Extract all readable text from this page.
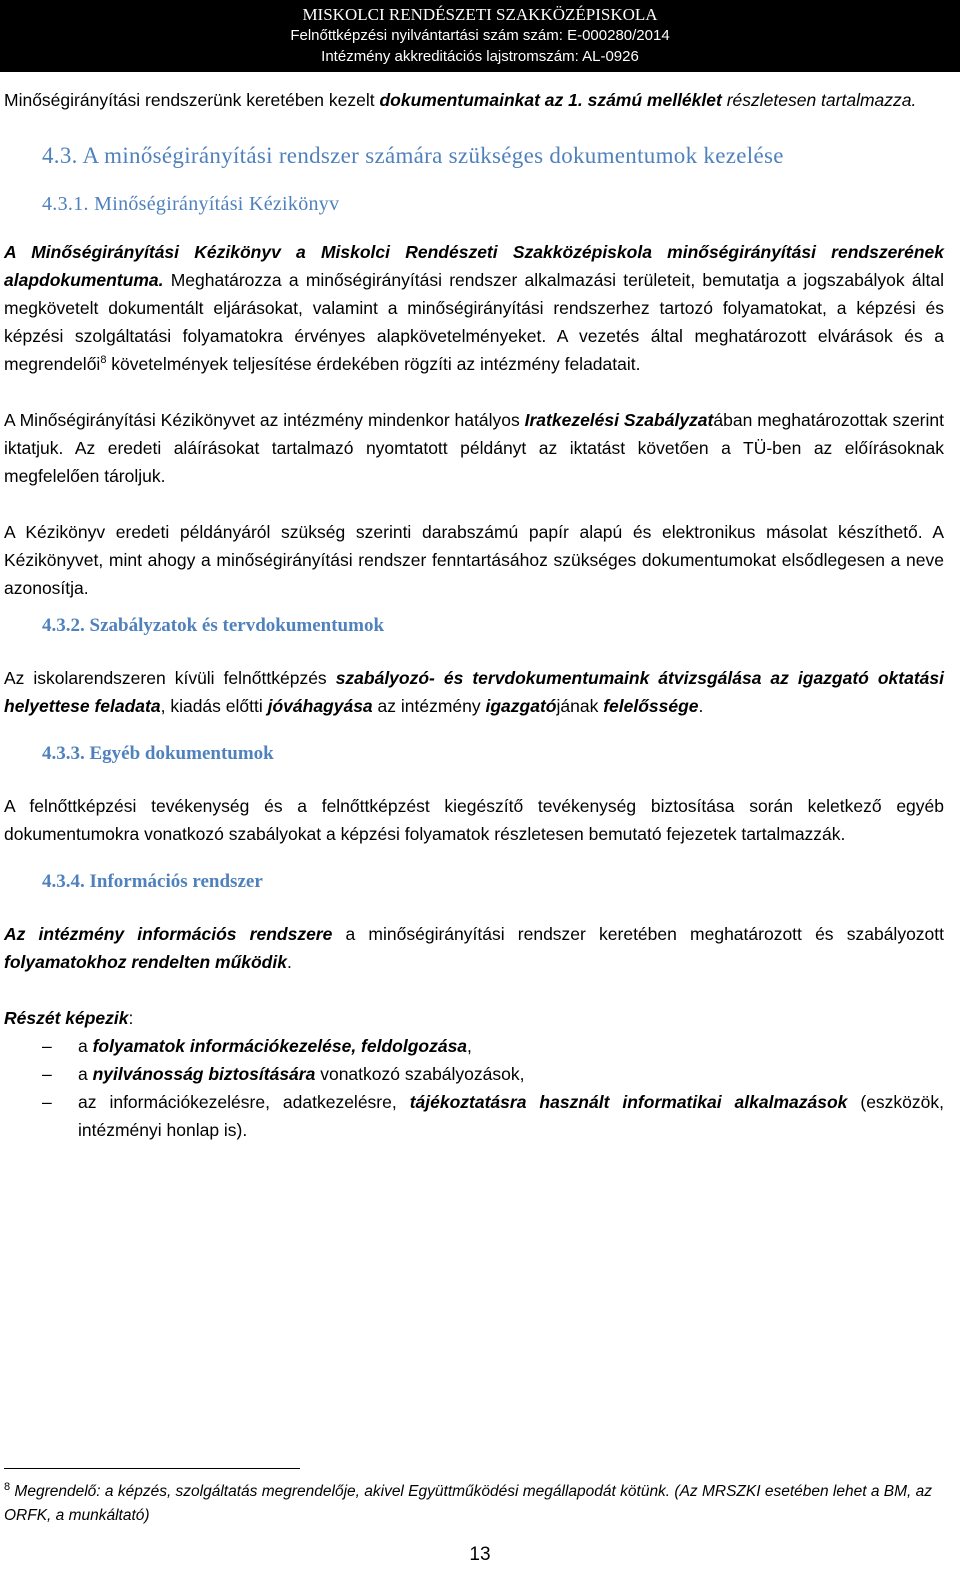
MISKOLCI RENDÉSZETI SZAKKÖZÉPISKOLA
Felnőttképzési nyilvántartási szám szám: E-000280/2014
Intézmény akkreditációs lajstromszám: AL-0926

Minőségirányítási rendszerünk keretében kezelt dokumentumainkat az 1. számú melléklet részletesen tartalmazza.

4.3. A minőségirányítási rendszer számára szükséges dokumentumok kezelése
4.3.1. Minőségirányítási Kézikönyv

A Minőségirányítási Kézikönyv a Miskolci Rendészeti Szakközépiskola minőségirányítási rendszerének alapdokumentuma. Meghatározza a minőségirányítási rendszer alkalmazási területeit, bemutatja a jogszabályok által megkövetelt dokumentált eljárásokat, valamint a minőségirányítási rendszerhez tartozó folyamatokat, a képzési és képzési szolgáltatási folyamatokra érvényes alapkövetelményeket. A vezetés által meghatározott elvárások és a megrendelői$^8$ követelmények teljesítése érdekében rögzíti az intézmény feladatait.

A Minőségirányítási Kézikönyvet az intézmény mindenkor hatályos Iratkezelési Szabályzatában meghatározottak szerint iktatjuk. Az eredeti aláírásokat tartalmazó nyomtatott példányt az iktatást követően a TÜ-ben az előírásoknak megfelelően tároljuk.

A Kézikönyv eredeti példányáról szükség szerinti darabszámú papír alapú és elektronikus másolat készíthető. A Kézikönyvet, mint ahogy a minőségirányítási rendszer fenntartásához szükséges dokumentumokat elsődlegesen a neve azonosítja.

4.3.2. Szabályzatok és tervdokumentumok

Az iskolarendszeren kívüli felnőttképzés szabályozó- és tervdokumentumaink átvizsgálása az igazgató oktatási helyettese feladata, kiadás előtti jóváhagyása az intézmény igazgatójának felelőssége.

4.3.3. Egyéb dokumentumok

A felnőttképzési tevékenység és a felnőttképzést kiegészítő tevékenység biztosítása során keletkező egyéb dokumentumokra vonatkozó szabályokat a képzési folyamatok részletesen bemutató fejezetek tartalmazzák.

4.3.4. Információs rendszer

Az intézmény információs rendszere a minőségirányítási rendszer keretében meghatározott és szabályozott folyamatokhoz rendelten működik.

Részét képezik:

– a folyamatok információkezelése, feldolgozása,
– a nyilvánosság biztosítására vonatkozó szabályozások,
– az információkezelésre, adatkezelésre, tájékoztatásra használt informatikai alkalmazások (eszközök, intézményi honlap is).
$^8$ Megrendelő: a képzés, szolgáltatás megrendelője, akivel Együttműködési megállapodát kötünk. (Az MRSZKI esetében lehet a BM, az ORFK, a munkáltató)
13
